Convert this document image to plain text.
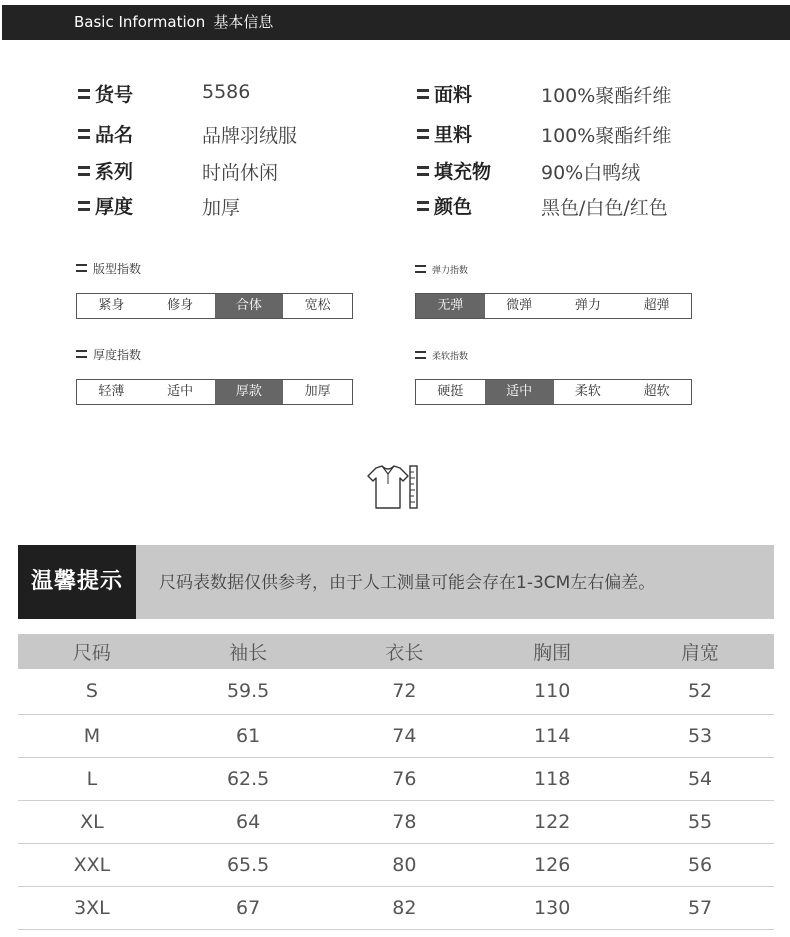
Basic Information 基本信息
货号	5586
品名	品牌羽绒服
系列	时尚休闲
厚度	加厚
面料	100%聚酯纤维
里料	100%聚酯纤维
填充物	90%白鸭绒
颜色	黑色/白色/红色
版型指数
紧身	修身	合体	宽松
弹力指数
无弹	微弹	弹力	超弹
厚度指数
轻薄	适中	厚款	加厚
柔软指数
硬挺	适中	柔软	超软
温馨提示	尺码表数据仅供参考，由于人工测量可能会存在1-3CM左右偏差。
尺码	袖长	衣长	胸围	肩宽
S	59.5	72	110	52
M	61	74	114	53
L	62.5	76	118	54
XL	64	78	122	55
XXL	65.5	80	126	56
3XL	67	82	130	57
